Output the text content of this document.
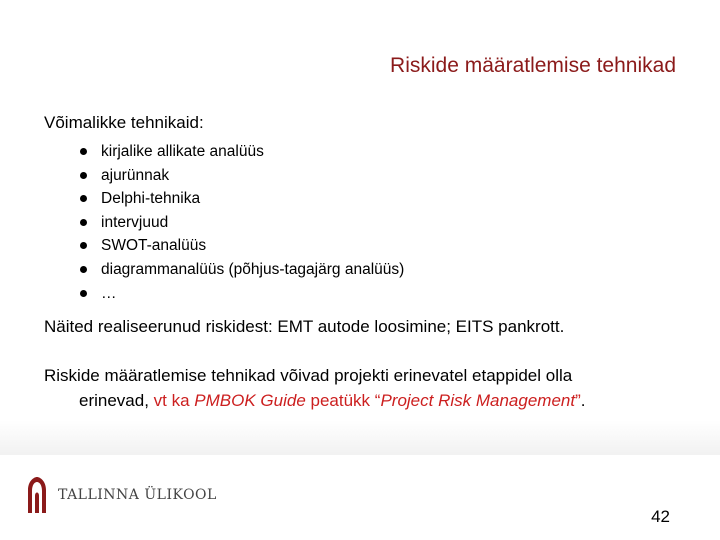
Riskide määratlemise tehnikad
Võimalikke tehnikaid:
kirjalike allikate analüüs
ajurünnak
Delphi-tehnika
intervjuud
SWOT-analüüs
diagrammanalüüs (põhjus-tagajärg analüüs)
…
Näited realiseerunud riskidest: EMT autode loosimine; EITS pankrott.
Riskide määratlemise tehnikad võivad projekti erinevatel etappidel olla
erinevad, vt ka PMBOK Guide peatükk “Project Risk Management”.
TALLINNA ÜLIKOOL
42
